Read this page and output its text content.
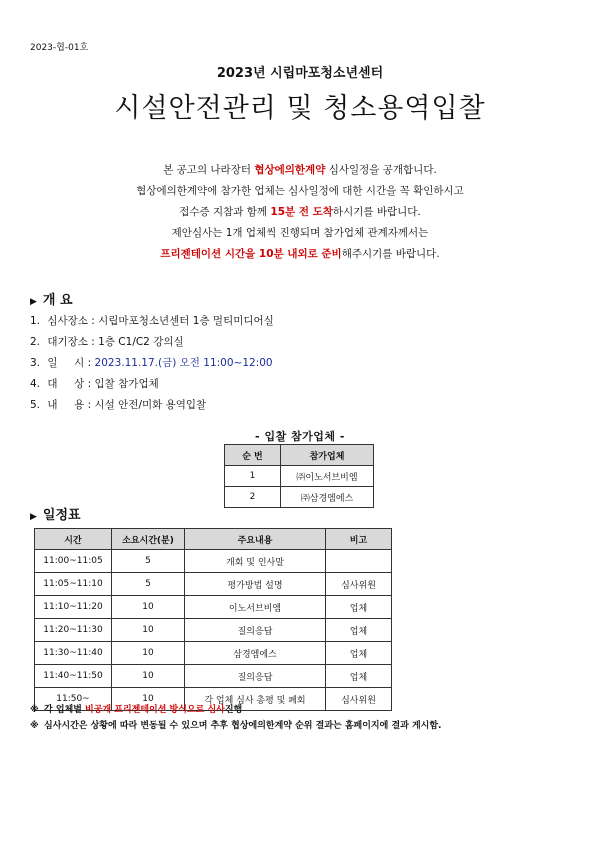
2023-협-01호
2023년 시립마포청소년센터
시설안전관리 및 청소용역입찰
본 공고의 나라장터 협상에의한계약 심사일정을 공개합니다.
협상에의한계약에 참가한 업체는 심사일정에 대한 시간을 꼭 확인하시고
접수증 지참과 함께 15분 전 도착하시기를 바랍니다.
제안심사는 1개 업체씩 진행되며 참가업체 관계자께서는
프리젠테이션 시간을 10분 내외로 준비해주시기를 바랍니다.
▶ 개 요
1. 심사장소 : 시립마포청소년센터 1층 멀티미디어실
2. 대기장소 : 1층 C1/C2 강의실
3. 일     시 : 2023.11.17.(금) 오전 11:00~12:00
4. 대     상 : 입찰 참가업체
5. 내     용 : 시설 안전/미화 용역입찰
- 입찰 참가업체 -
순 번	참가업체
1	㈜이노서브비엠
2	㈜삼경엠에스
▶ 일정표
시간	소요시간(분)	주요내용	비고
11:00~11:05	5	개회 및 인사말	
11:05~11:10	5	평가방법 설명	심사위원
11:10~11:20	10	이노서브비엠	업체
11:20~11:30	10	질의응답	업체
11:30~11:40	10	삼경엠에스	업체
11:40~11:50	10	질의응답	업체
11:50~	10	각 업체 심사 총평 및 폐회	심사위원
※ 각 업체별 비공개 프리젠테이션 방식으로 심사진행
※ 심사시간은 상황에 따라 변동될 수 있으며 추후 협상에의한계약 순위 결과는 홈페이지에 결과 게시함.
